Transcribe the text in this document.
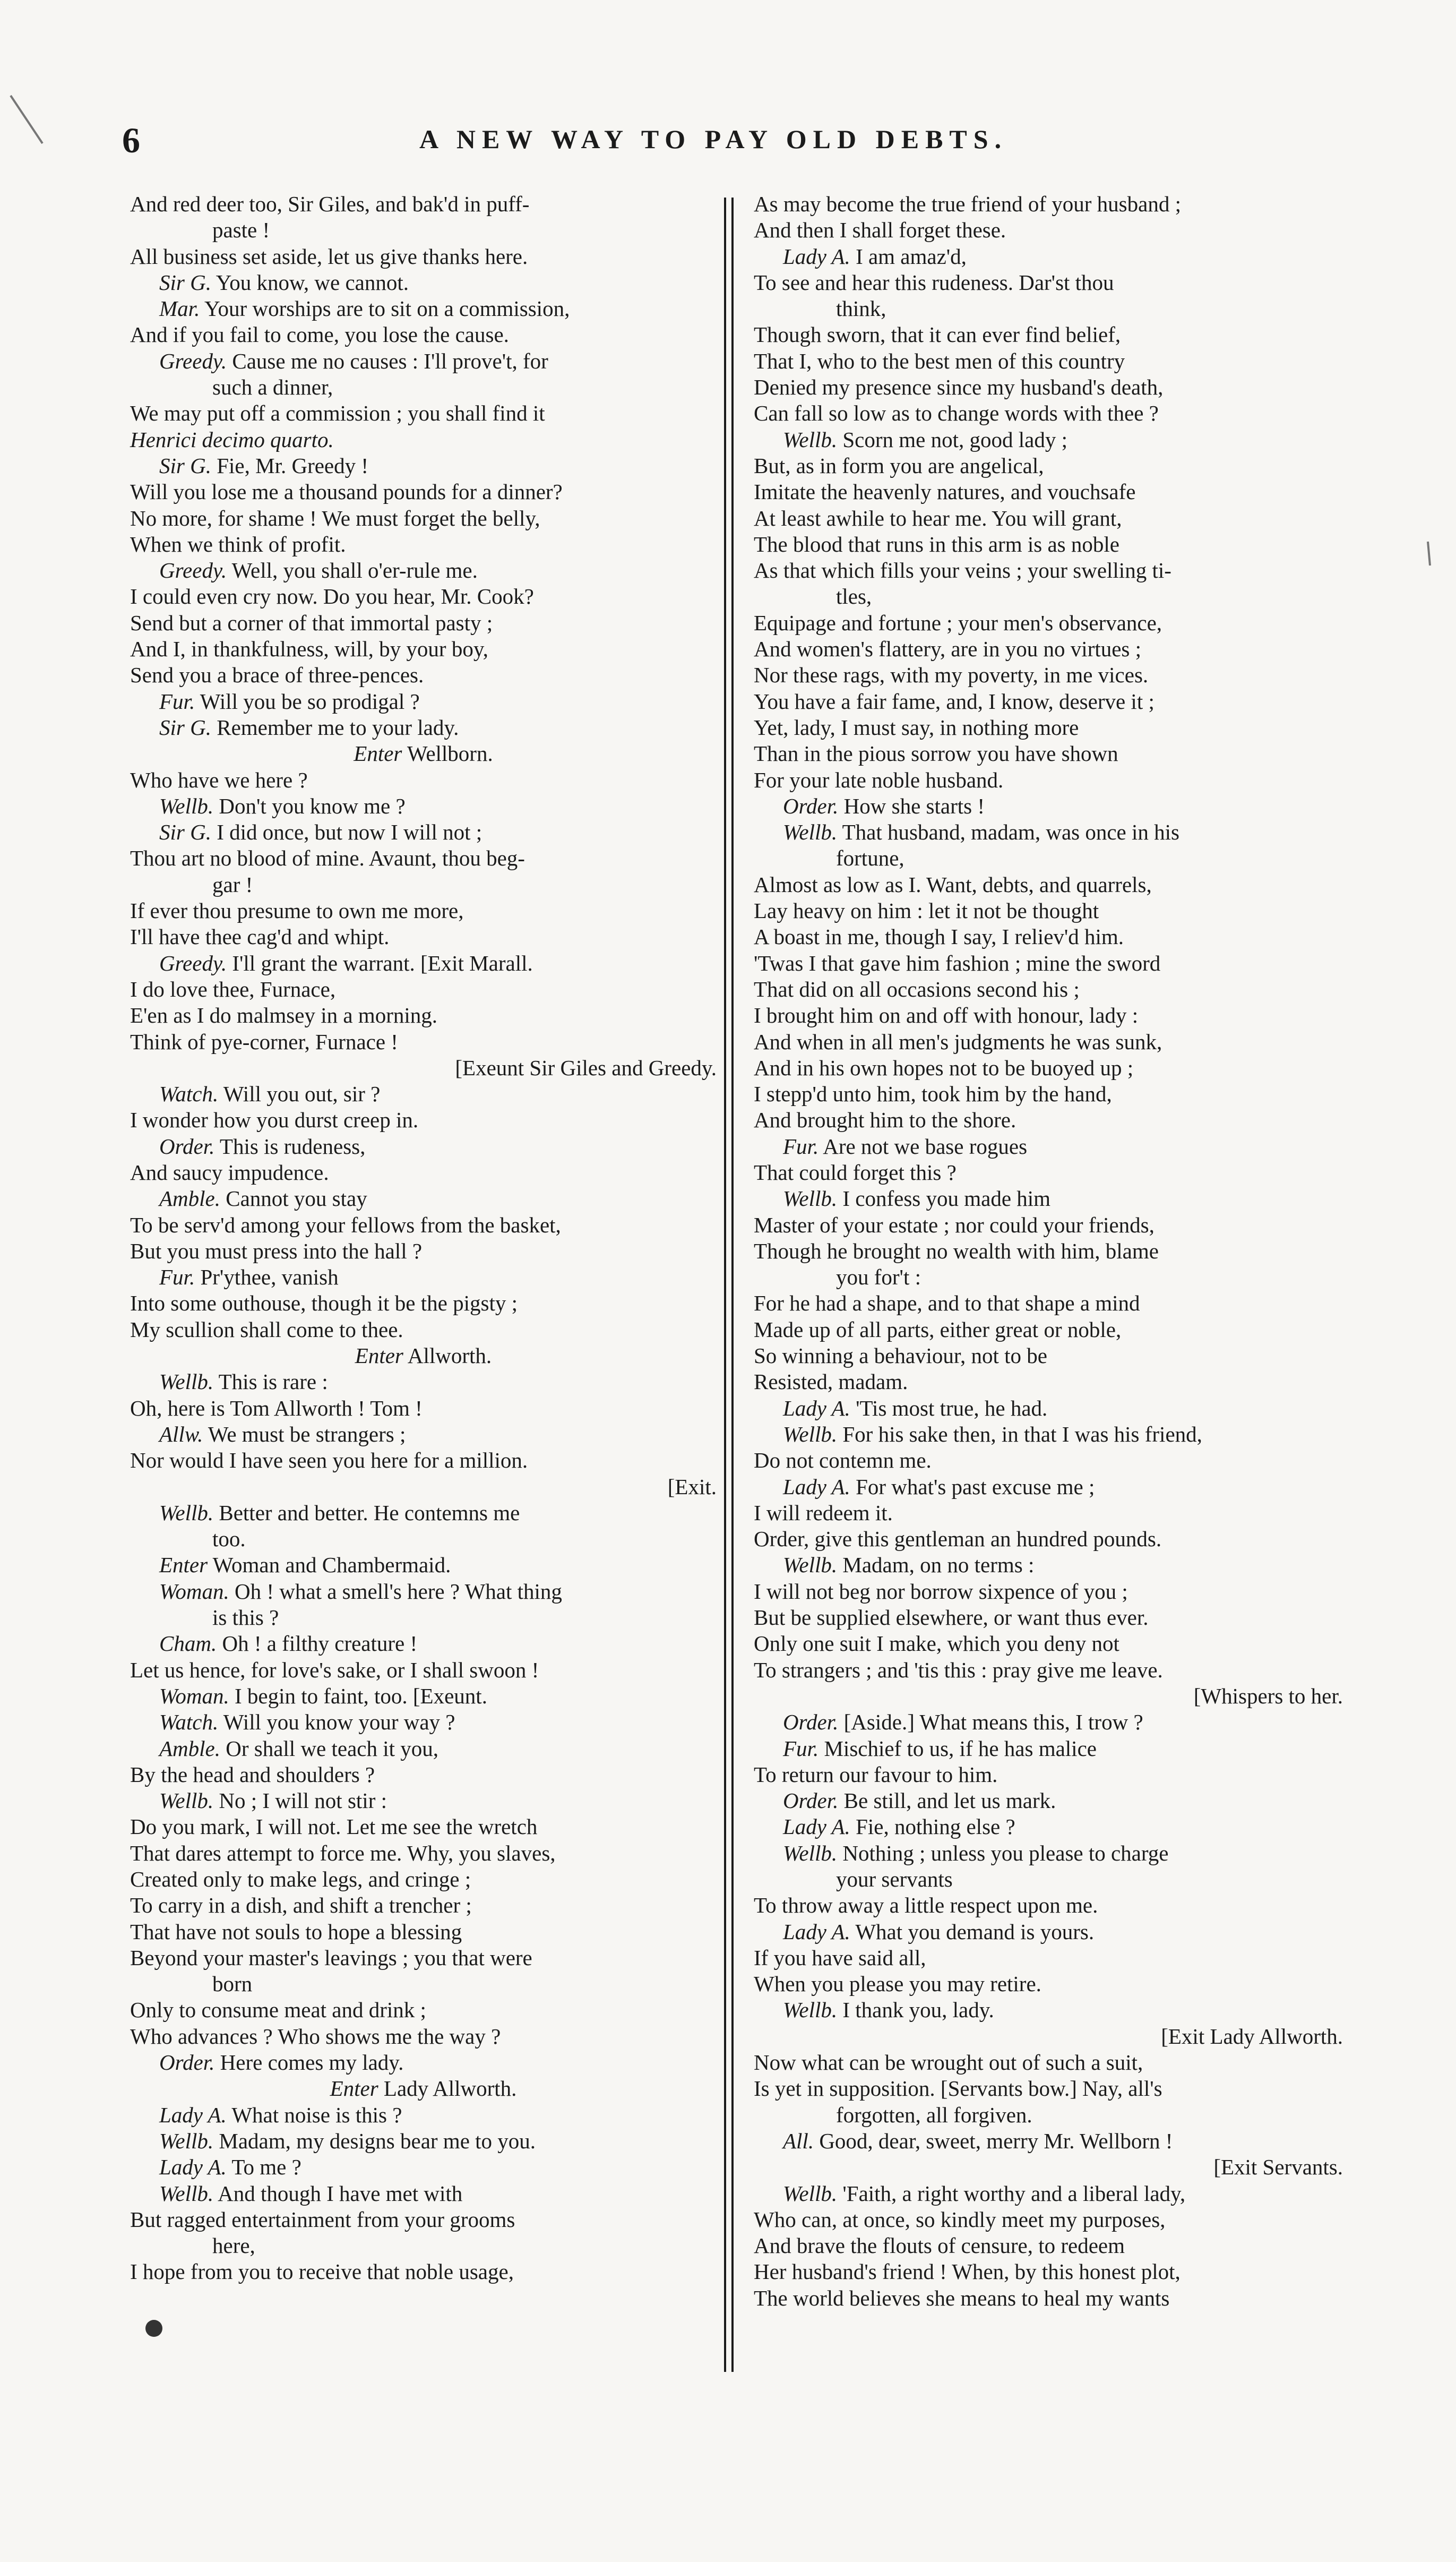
6	A NEW WAY TO PAY OLD DEBTS.
And red deer too, Sir Giles, and bak'd in puff-
paste !
All business set aside, let us give thanks here.
Sir G. You know, we cannot.
Mar. Your worships are to sit on a commission,
And if you fail to come, you lose the cause.
Greedy. Cause me no causes : I'll prove't, for
such a dinner,
We may put off a commission ; you shall find it
Henrici decimo quarto.
Sir G. Fie, Mr. Greedy !
Will you lose me a thousand pounds for a dinner?
No more, for shame ! We must forget the belly,
When we think of profit.
Greedy. Well, you shall o'er-rule me.
I could even cry now. Do you hear, Mr. Cook?
Send but a corner of that immortal pasty ;
And I, in thankfulness, will, by your boy,
Send you a brace of three-pences.
Fur. Will you be so prodigal ?
Sir G. Remember me to your lady.
Enter Wellborn.
Who have we here ?
Wellb. Don't you know me ?
Sir G. I did once, but now I will not ;
Thou art no blood of mine. Avaunt, thou beg-
gar !
If ever thou presume to own me more,
I'll have thee cag'd and whipt.
Greedy. I'll grant the warrant. [Exit Marall.
I do love thee, Furnace,
E'en as I do malmsey in a morning.
Think of pye-corner, Furnace !
[Exeunt Sir Giles and Greedy.
Watch. Will you out, sir ?
I wonder how you durst creep in.
Order. This is rudeness,
And saucy impudence.
Amble. Cannot you stay
To be serv'd among your fellows from the basket,
But you must press into the hall ?
Fur. Pr'ythee, vanish
Into some outhouse, though it be the pigsty ;
My scullion shall come to thee.
Enter Allworth.
Wellb. This is rare :
Oh, here is Tom Allworth ! Tom !
Allw. We must be strangers ;
Nor would I have seen you here for a million.
[Exit.
Wellb. Better and better. He contemns me
too.
Enter Woman and Chambermaid.
Woman. Oh ! what a smell's here ? What thing
is this ?
Cham. Oh ! a filthy creature !
Let us hence, for love's sake, or I shall swoon !
Woman. I begin to faint, too. [Exeunt.
Watch. Will you know your way ?
Amble. Or shall we teach it you,
By the head and shoulders ?
Wellb. No ; I will not stir :
Do you mark, I will not. Let me see the wretch
That dares attempt to force me. Why, you slaves,
Created only to make legs, and cringe ;
To carry in a dish, and shift a trencher ;
That have not souls to hope a blessing
Beyond your master's leavings ; you that were
born
Only to consume meat and drink ;
Who advances ? Who shows me the way ?
Order. Here comes my lady.
Enter Lady Allworth.
Lady A. What noise is this ?
Wellb. Madam, my designs bear me to you.
Lady A. To me ?
Wellb. And though I have met with
But ragged entertainment from your grooms
here,
I hope from you to receive that noble usage,
As may become the true friend of your husband ;
And then I shall forget these.
Lady A. I am amaz'd,
To see and hear this rudeness. Dar'st thou
think,
Though sworn, that it can ever find belief,
That I, who to the best men of this country
Denied my presence since my husband's death,
Can fall so low as to change words with thee ?
Wellb. Scorn me not, good lady ;
But, as in form you are angelical,
Imitate the heavenly natures, and vouchsafe
At least awhile to hear me. You will grant,
The blood that runs in this arm is as noble
As that which fills your veins ; your swelling ti-
tles,
Equipage and fortune ; your men's observance,
And women's flattery, are in you no virtues ;
Nor these rags, with my poverty, in me vices.
You have a fair fame, and, I know, deserve it ;
Yet, lady, I must say, in nothing more
Than in the pious sorrow you have shown
For your late noble husband.
Order. How she starts !
Wellb. That husband, madam, was once in his
fortune,
Almost as low as I. Want, debts, and quarrels,
Lay heavy on him : let it not be thought
A boast in me, though I say, I reliev'd him.
'Twas I that gave him fashion ; mine the sword
That did on all occasions second his ;
I brought him on and off with honour, lady :
And when in all men's judgments he was sunk,
And in his own hopes not to be buoyed up ;
I stepp'd unto him, took him by the hand,
And brought him to the shore.
Fur. Are not we base rogues
That could forget this ?
Wellb. I confess you made him
Master of your estate ; nor could your friends,
Though he brought no wealth with him, blame
you for't :
For he had a shape, and to that shape a mind
Made up of all parts, either great or noble,
So winning a behaviour, not to be
Resisted, madam.
Lady A. 'Tis most true, he had.
Wellb. For his sake then, in that I was his friend,
Do not contemn me.
Lady A. For what's past excuse me ;
I will redeem it.
Order, give this gentleman an hundred pounds.
Wellb. Madam, on no terms :
I will not beg nor borrow sixpence of you ;
But be supplied elsewhere, or want thus ever.
Only one suit I make, which you deny not
To strangers ; and 'tis this : pray give me leave.
[Whispers to her.
Order. [Aside.] What means this, I trow ?
Fur. Mischief to us, if he has malice
To return our favour to him.
Order. Be still, and let us mark.
Lady A. Fie, nothing else ?
Wellb. Nothing ; unless you please to charge
your servants
To throw away a little respect upon me.
Lady A. What you demand is yours.
If you have said all,
When you please you may retire.
Wellb. I thank you, lady.
[Exit Lady Allworth.
Now what can be wrought out of such a suit,
Is yet in supposition. [Servants bow.] Nay, all's
forgotten, all forgiven.
All. Good, dear, sweet, merry Mr. Wellborn !
[Exit Servants.
Wellb. 'Faith, a right worthy and a liberal lady,
Who can, at once, so kindly meet my purposes,
And brave the flouts of censure, to redeem
Her husband's friend ! When, by this honest plot,
The world believes she means to heal my wants
